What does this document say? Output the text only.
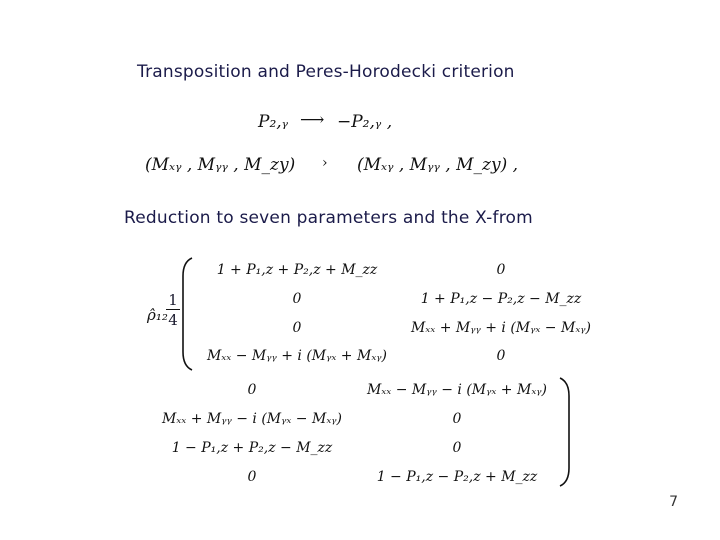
Transposition and Peres-Horodecki criterion
Reduction to seven parameters and the X-from
P₂,ᵧ ⟶ −P₂,ᵧ ,
(Mₓᵧ , Mᵧᵧ , M_zy) › (Mₓᵧ , Mᵧᵧ , M_zy) ,
ρ̂₁₂
$\frac{1}{4}$
1 + P₁,z + P₂,z + M_zz
0
0
Mₓₓ − Mᵧᵧ + i (Mᵧₓ + Mₓᵧ)
0
1 + P₁,z − P₂,z − M_zz
Mₓₓ + Mᵧᵧ + i (Mᵧₓ − Mₓᵧ)
0
0
Mₓₓ + Mᵧᵧ − i (Mᵧₓ − Mₓᵧ)
1 − P₁,z + P₂,z − M_zz
0
Mₓₓ − Mᵧᵧ − i (Mᵧₓ + Mₓᵧ)
0
0
1 − P₁,z − P₂,z + M_zz
7
